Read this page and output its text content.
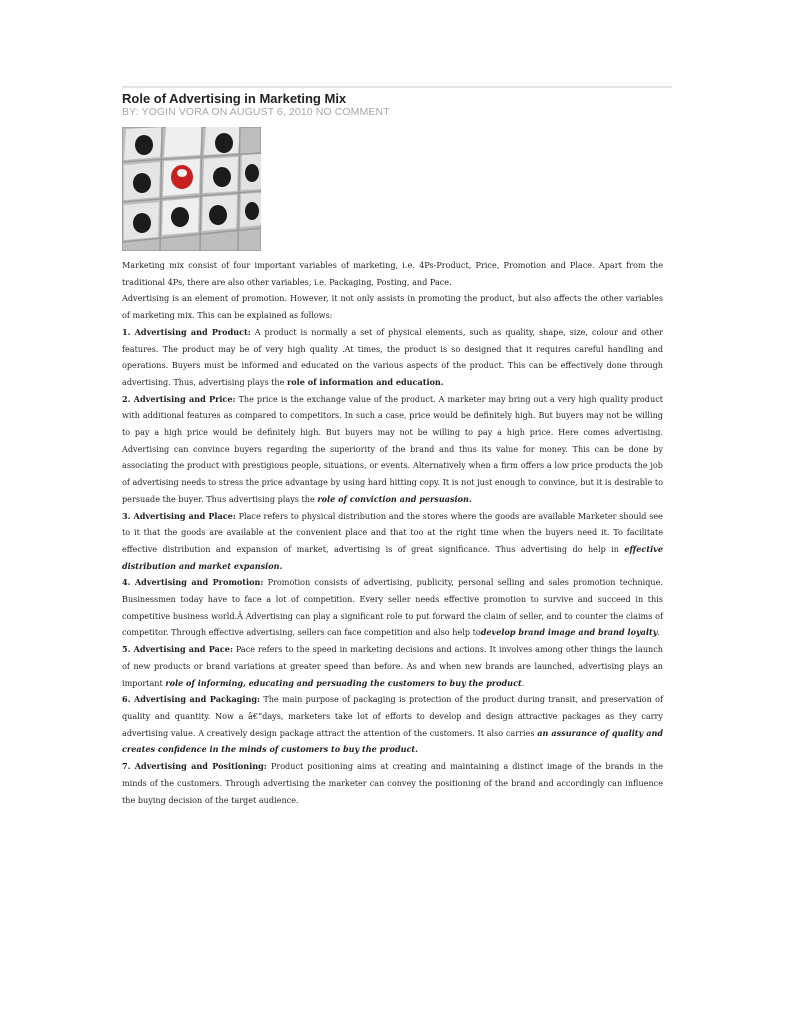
Role of Advertising in Marketing Mix
BY: YOGIN VORA ON AUGUST 6, 2010 NO COMMENT

Marketing mix consist of four important variables of marketing, i.e. 4Ps-Product, Price, Promotion and Place. Apart from the traditional 4Ps, there are also other variables, i.e. Packaging, Posting, and Pace.

Advertising is an element of promotion. However, it not only assists in promoting the product, but also affects the other variables of marketing mix. This can be explained as follows:

1. Advertising and Product: A product is normally a set of physical elements, such as quality, shape, size, colour and other features. The product may be of very high quality .At times, the product is so designed that it requires careful handling and operations. Buyers must be informed and educated on the various aspects of the product. This can be effectively done through advertising. Thus, advertising plays the role of information and education.

2. Advertising and Price: The price is the exchange value of the product. A marketer may bring out a very high quality product with additional features as compared to competitors. In such a case, price would be definitely high. But buyers may not be willing to pay a high price would be definitely high. But buyers may not be willing to pay a high price. Here comes advertising. Advertising can convince buyers regarding the superiority of the brand and thus its value for money. This can be done by associating the product with prestigious people, situations, or events. Alternatively when a firm offers a low price products the job of advertising needs to stress the price advantage by using hard hitting copy. It is not just enough to convince, but it is desirable to persuade the buyer. Thus advertising plays the role of conviction and persuasion.

3. Advertising and Place: Place refers to physical distribution and the stores where the goods are available Marketer should see to it that the goods are available at the convenient place and that too at the right time when the buyers need it. To facilitate effective distribution and expansion of market, advertising is of great significance. Thus advertising do help in effective distribution and market expansion.

4. Advertising and Promotion: Promotion consists of advertising, publicity, personal selling and sales promotion technique. Businessmen today have to face a lot of competition. Every seller needs effective promotion to survive and succeed in this competitive business world.Â Advertising can play a significant role to put forward the claim of seller, and to counter the claims of competitor. Through effective advertising, sellers can face competition and also help todevelop brand image and brand loyalty.

5. Advertising and Pace: Pace refers to the speed in marketing decisions and actions. It involves among other things the launch of new products or brand variations at greater speed than before. As and when new brands are launched, advertising plays an important role of informing, educating and persuading the customers to buy the product.

6. Advertising and Packaging: The main purpose of packaging is protection of the product during transit, and preservation of quality and quantity. Now a â€“days, marketers take lot of efforts to develop and design attractive packages as they carry advertising value. A creatively design package attract the attention of the customers. It also carries an assurance of quality and creates confidence in the minds of customers to buy the product.

7. Advertising and Positioning: Product positioning aims at creating and maintaining a distinct image of the brands in the minds of the customers. Through advertising the marketer can convey the positioning of the brand and accordingly can influence the buying decision of the target audience.
